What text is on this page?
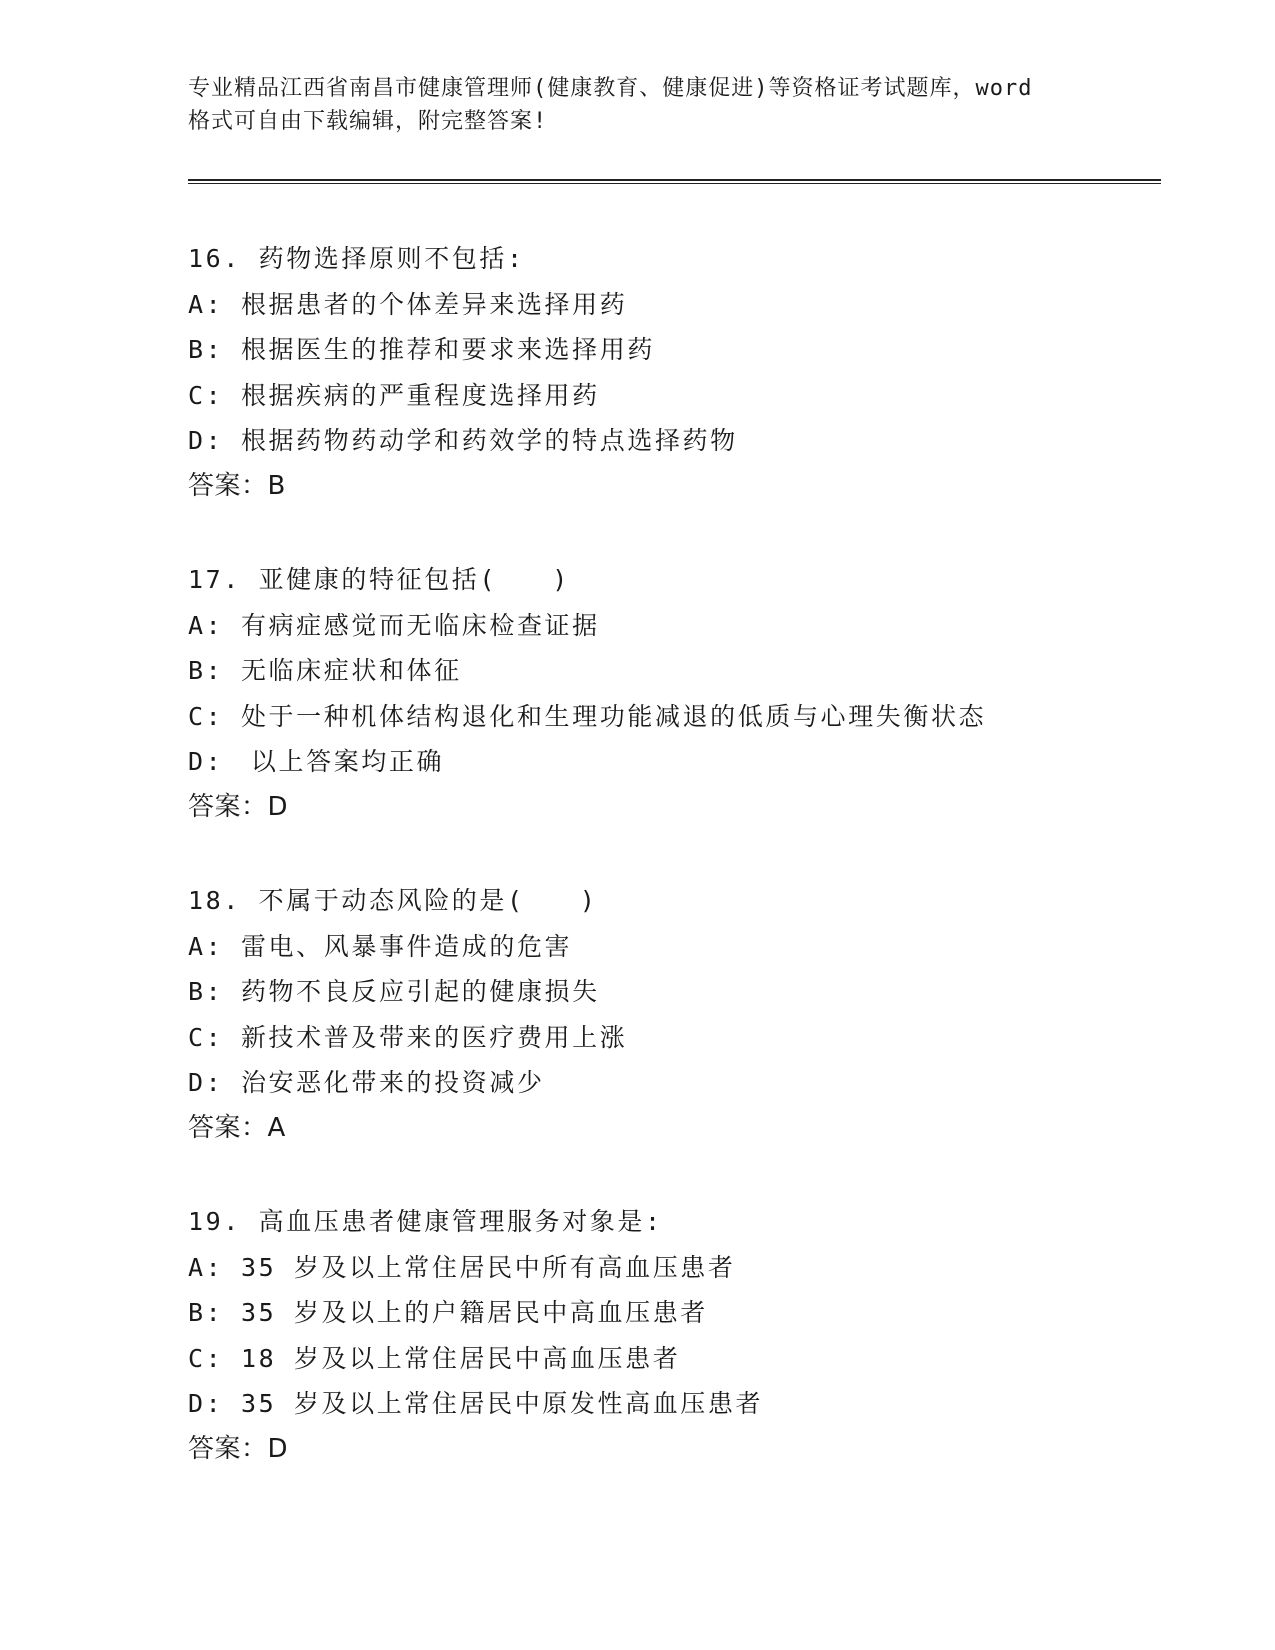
专业精品江西省南昌市健康管理师(健康教育、健康促进)等资格证考试题库，word
格式可自由下载编辑，附完整答案!
16. 药物选择原则不包括:
A: 根据患者的个体差异来选择用药
B: 根据医生的推荐和要求来选择用药
C: 根据疾病的严重程度选择用药
D: 根据药物药动学和药效学的特点选择药物
答案：B
17. 亚健康的特征包括(　　)
A: 有病症感觉而无临床检查证据
B: 无临床症状和体征
C: 处于一种机体结构退化和生理功能减退的低质与心理失衡状态
D:　以上答案均正确
答案：D
18. 不属于动态风险的是(　　)
A: 雷电、风暴事件造成的危害
B: 药物不良反应引起的健康损失
C: 新技术普及带来的医疗费用上涨
D: 治安恶化带来的投资减少
答案：A
19. 高血压患者健康管理服务对象是:
A: 35 岁及以上常住居民中所有高血压患者
B: 35 岁及以上的户籍居民中高血压患者
C: 18 岁及以上常住居民中高血压患者
D: 35 岁及以上常住居民中原发性高血压患者
答案：D
